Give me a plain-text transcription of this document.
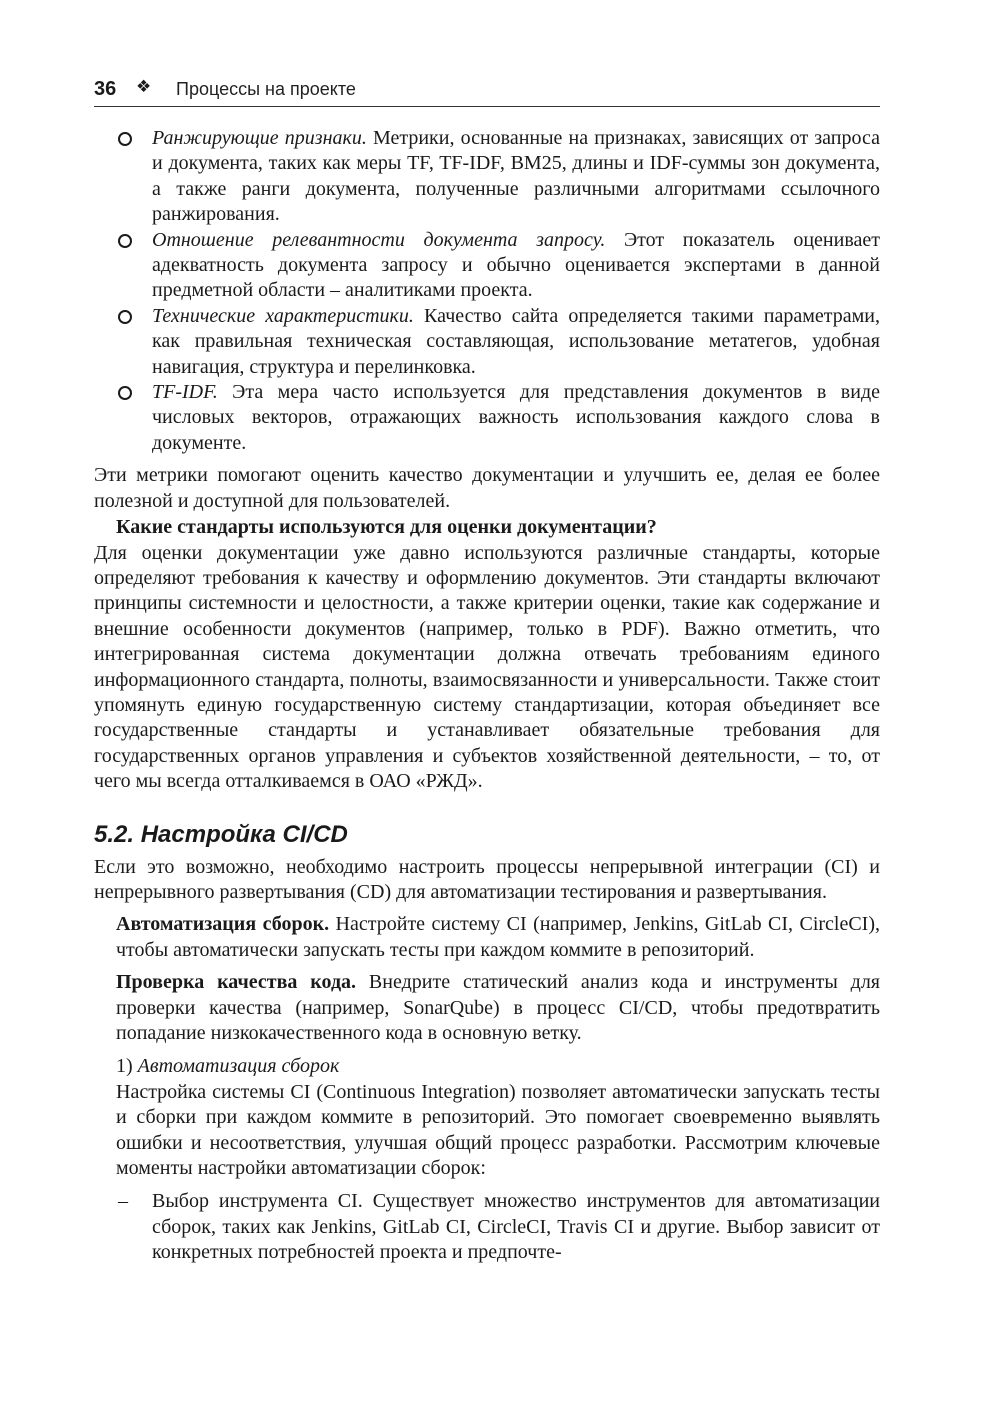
36 ❖ Процессы на проекте
Ранжирующие признаки. Метрики, основанные на признаках, зависящих от запроса и документа, таких как меры TF, TF-IDF, BM25, длины и IDF-суммы зон документа, а также ранги документа, полученные различными алгоритмами ссылочного ранжирования.
Отношение релевантности документа запросу. Этот показатель оценивает адекватность документа запросу и обычно оценивается экспертами в данной предметной области – аналитиками проекта.
Технические характеристики. Качество сайта определяется такими параметрами, как правильная техническая составляющая, использование метатегов, удобная навигация, структура и перелинковка.
TF-IDF. Эта мера часто используется для представления документов в виде числовых векторов, отражающих важность использования каждого слова в документе.

Эти метрики помогают оценить качество документации и улучшить ее, делая ее более полезной и доступной для пользователей.

Какие стандарты используются для оценки документации?

Для оценки документации уже давно используются различные стандарты, которые определяют требования к качеству и оформлению документов. Эти стандарты включают принципы системности и целостности, а также критерии оценки, такие как содержание и внешние особенности документов (например, только в PDF). Важно отметить, что интегрированная система документации должна отвечать требованиям единого информационного стандарта, полноты, взаимосвязанности и универсальности. Также стоит упомянуть единую государственную систему стандартизации, которая объединяет все государственные стандарты и устанавливает обязательные требования для государственных органов управления и субъектов хозяйственной деятельности, – то, от чего мы всегда отталкиваемся в ОАО «РЖД».

5.2. Настройка CI/CD

Если это возможно, необходимо настроить процессы непрерывной интеграции (CI) и непрерывного развертывания (CD) для автоматизации тестирования и развертывания.

Автоматизация сборок. Настройте систему CI (например, Jenkins, GitLab CI, CircleCI), чтобы автоматически запускать тесты при каждом коммите в репозиторий.

Проверка качества кода. Внедрите статический анализ кода и инструменты для проверки качества (например, SonarQube) в процесс CI/CD, чтобы предотвратить попадание низкокачественного кода в основную ветку.

1) Автоматизация сборок

Настройка системы CI (Continuous Integration) позволяет автоматически запускать тесты и сборки при каждом коммите в репозиторий. Это помогает своевременно выявлять ошибки и несоответствия, улучшая общий процесс разработки. Рассмотрим ключевые моменты настройки автоматизации сборок:

– Выбор инструмента CI. Существует множество инструментов для автоматизации сборок, таких как Jenkins, GitLab CI, CircleCI, Travis CI и другие. Выбор зависит от конкретных потребностей проекта и предпочте-
